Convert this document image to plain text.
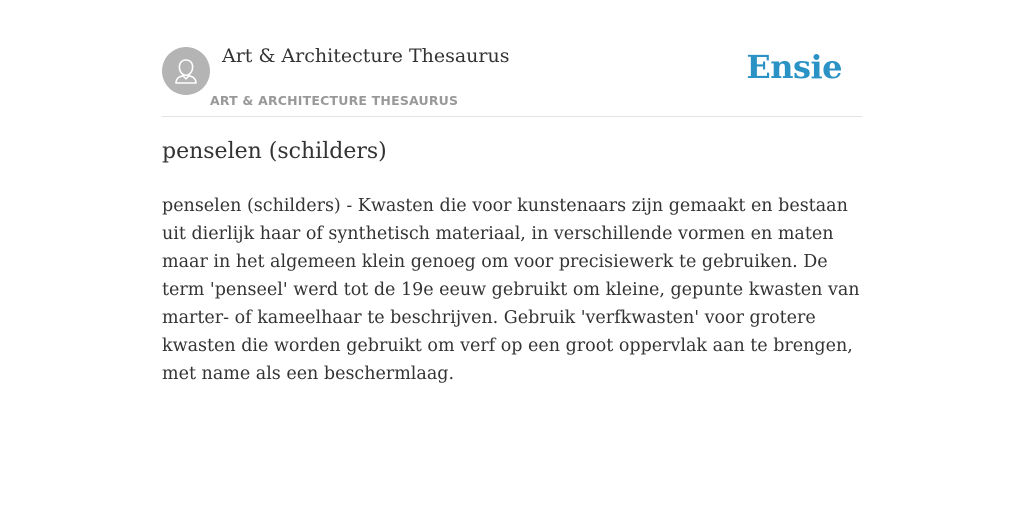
Art & Architecture Thesaurus
ART & ARCHITECTURE THESAURUS
Ensie
penselen (schilders)

penselen (schilders) - Kwasten die voor kunstenaars zijn gemaakt en bestaan uit dierlijk haar of synthetisch materiaal, in verschillende vormen en maten maar in het algemeen klein genoeg om voor precisiewerk te gebruiken. De term 'penseel' werd tot de 19e eeuw gebruikt om kleine, gepunte kwasten van marter- of kameelhaar te beschrijven. Gebruik 'verfkwasten' voor grotere kwasten die worden gebruikt om verf op een groot oppervlak aan te brengen, met name als een beschermlaag.
